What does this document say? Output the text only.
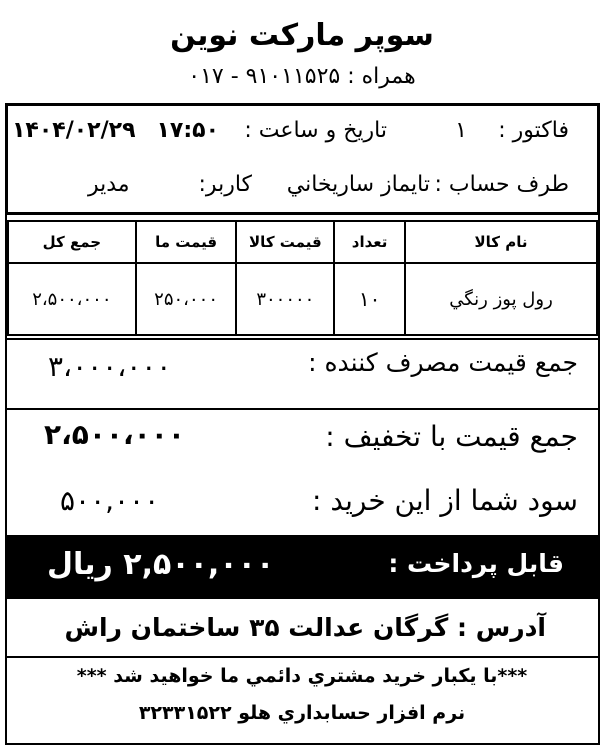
سوپر مارکت نوین
همراه : ۹۱۰۱۱۵۲۵ - ۰۱۷
فاکتور :
۱
تاریخ و ساعت :
۱۷:۵۰
۱۴۰۴/۰۲/۲۹
طرف حساب :
تایماز ساریخاني
کاربر:
مدیر
نام کالا	تعداد	قیمت کالا	قیمت ما	جمع کل
رول پوز رنگي	۱۰	۳۰۰۰۰۰	۲۵۰،۰۰۰	۲،۵۰۰،۰۰۰
جمع قیمت مصرف کننده :
۳،۰۰۰،۰۰۰
جمع قیمت با تخفیف :
۲،۵۰۰،۰۰۰
سود شما از این خرید :
۵۰۰,۰۰۰
قابل پرداخت :
۲,۵۰۰,۰۰۰ ریال
آدرس : گرگان عدالت ۳۵ ساختمان راش
***با یکبار خرید مشتري دائمي ما خواهید شد ***
نرم افزار حسابداري هلو ۳۲۳۳۱۵۲۲
